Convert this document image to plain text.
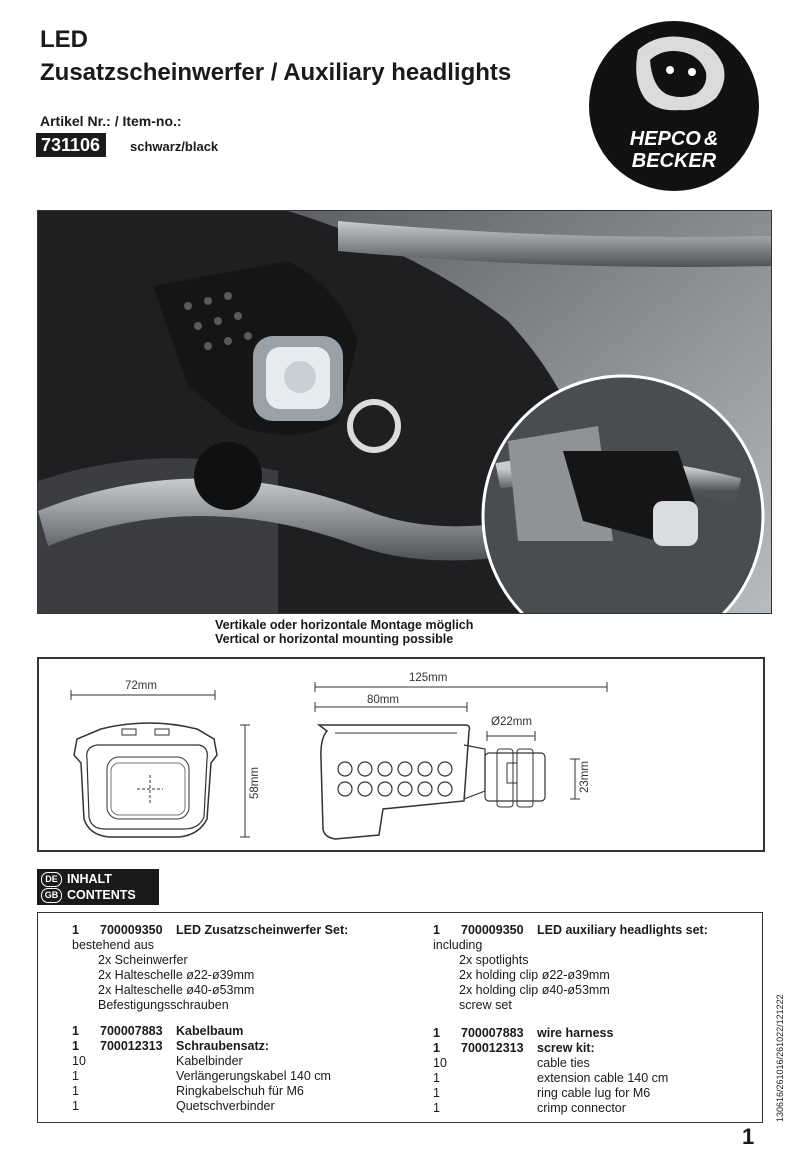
LED
Zusatzscheinwerfer / Auxiliary headlights
Artikel Nr.: / Item-no.:
731106	schwarz/black	HEPCO &
BECKER
Vertikale oder horizontale Montage möglich
Vertical or horizontal mounting possible
72mm
58mm
125mm
80mm
Ø22mm
23mm
DE INHALT
GB CONTENTS
1 700009350 LED Zusatzscheinwerfer Set:
bestehend aus
2x Scheinwerfer
2x Halteschelle ø22-ø39mm
2x Halteschelle ø40-ø53mm
Befestigungsschrauben
1 700007883 Kabelbaum
1 700012313 Schraubensatz:
10	Kabelbinder
1	Verlängerungskabel 140 cm
1	Ringkabelschuh für M6
1	Quetschverbinder
1 700009350 LED auxiliary headlights set:
including
2x spotlights
2x holding clip ø22-ø39mm
2x holding clip ø40-ø53mm
screw set
1 700007883 wire harness
1 700012313 screw kit:
10	cable ties
1	extension cable 140 cm
1	ring cable lug for M6
1	crimp connector	130616/261016/261022/121222
1
